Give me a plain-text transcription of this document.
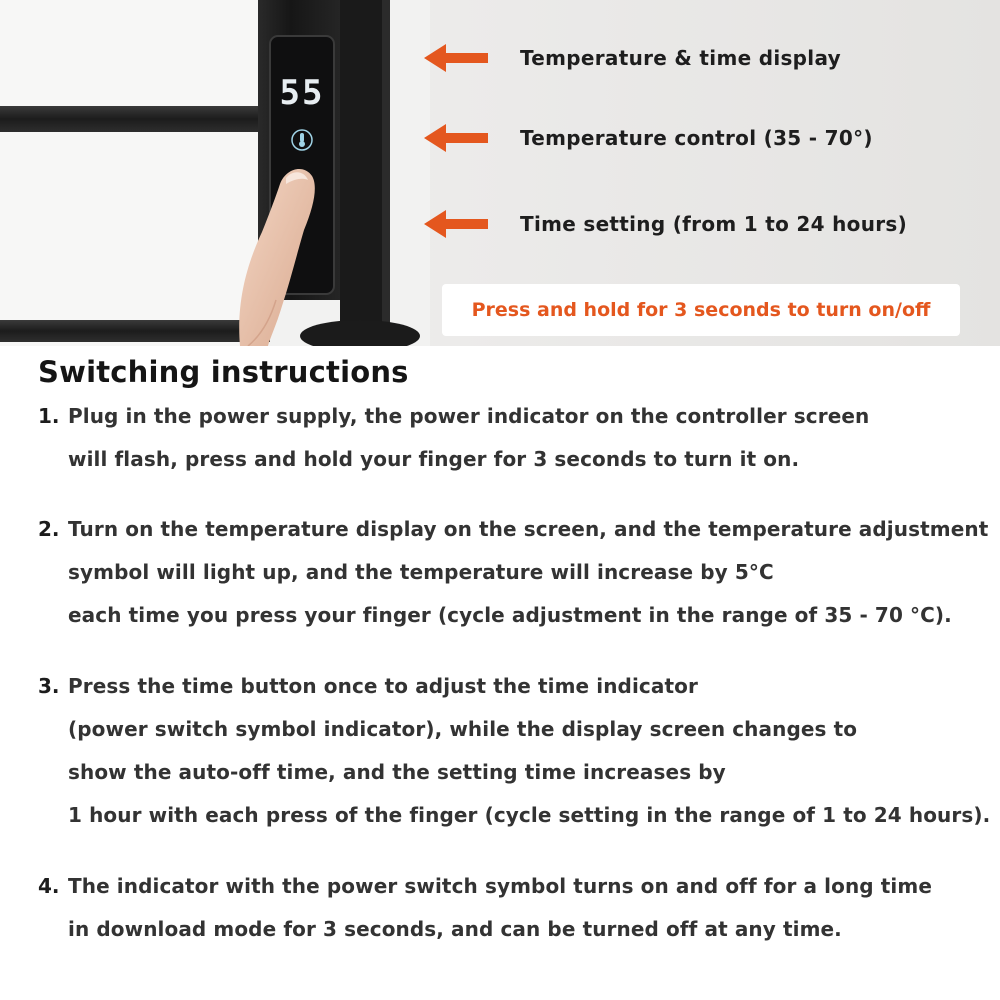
55
Temperature & time display
Temperature control (35 - 70°)
Time setting (from 1 to 24 hours)
Press and hold for 3 seconds to turn on/off
Switching instructions
1. Plug in the power supply, the power indicator on the controller screen
will flash, press and hold your finger for 3 seconds to turn it on.
2. Turn on the temperature display on the screen, and the temperature adjustment
symbol will light up, and the temperature will increase by 5°C
each time you press your finger (cycle adjustment in the range of 35 - 70 °C).
3. Press the time button once to adjust the time indicator
(power switch symbol indicator), while the display screen changes to
show the auto-off time, and the setting time increases by
1 hour with each press of the finger (cycle setting in the range of 1 to 24 hours).
4. The indicator with the power switch symbol turns on and off for a long time
in download mode for 3 seconds, and can be turned off at any time.
